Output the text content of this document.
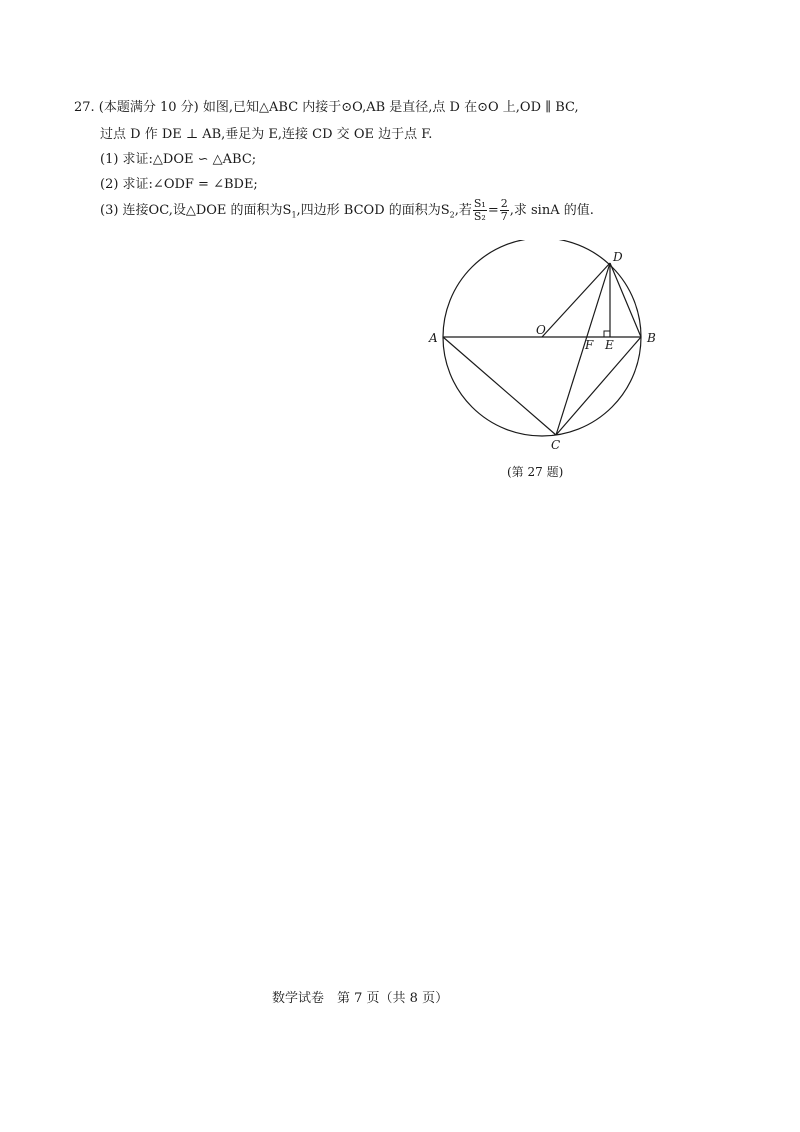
27. (本题满分 10 分) 如图,已知△ABC 内接于⊙O,AB 是直径,点 D 在⊙O 上,OD ∥ BC,
过点 D 作 DE ⊥ AB,垂足为 E,连接 CD 交 OE 边于点 F.
(1) 求证:△DOE ∽ △ABC;
(2) 求证:∠ODF = ∠BDE;
(3) 连接OC,设△DOE 的面积为$S_1$,四边形 BCOD 的面积为$S_2$,若 $\frac{\text{S₁}}{\text{S₂}} = \frac{2}{7}$ ,求 sinA 的值.
A	B
C
D
O
E
F
(第 27 题)
数学试卷　第 7 页（共 8 页）
